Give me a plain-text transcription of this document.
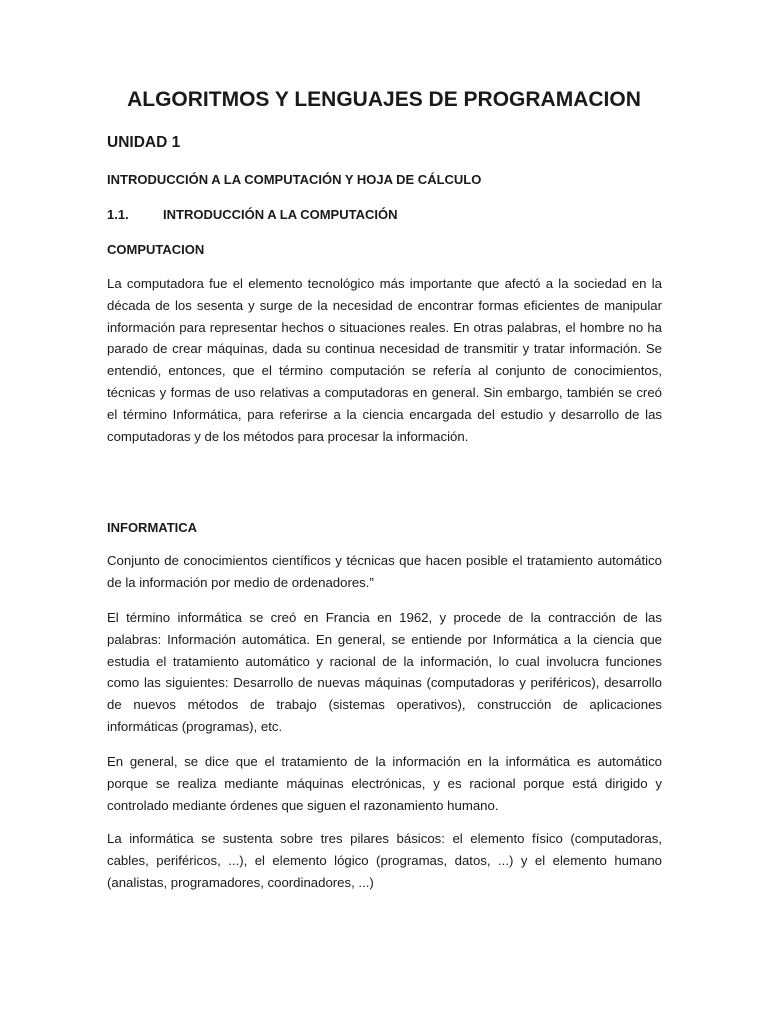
ALGORITMOS Y LENGUAJES DE PROGRAMACION
UNIDAD 1
INTRODUCCIÓN A LA COMPUTACIÓN Y HOJA DE CÁLCULO
1.1.	INTRODUCCIÓN A LA COMPUTACIÓN
COMPUTACION

La computadora fue el elemento tecnológico más importante que afectó a la sociedad en la década de los sesenta y surge de la necesidad de encontrar formas eficientes de manipular información para representar hechos o situaciones reales. En otras palabras, el hombre no ha parado de crear máquinas, dada su continua necesidad de transmitir y tratar información. Se entendió, entonces, que el término computación se refería al conjunto de conocimientos, técnicas y formas de uso relativas a computadoras en general. Sin embargo, también se creó el término Informática, para referirse a la ciencia encargada del estudio y desarrollo de las computadoras y de los métodos para procesar la información.

INFORMATICA

Conjunto de conocimientos científicos y técnicas que hacen posible el tratamiento automático de la información por medio de ordenadores.”

El término informática se creó en Francia en 1962, y procede de la contracción de las palabras: Información automática. En general, se entiende por Informática a la ciencia que estudia el tratamiento automático y racional de la información, lo cual involucra funciones como las siguientes: Desarrollo de nuevas máquinas (computadoras y periféricos), desarrollo de nuevos métodos de trabajo (sistemas operativos), construcción de aplicaciones informáticas (programas), etc.

En general, se dice que el tratamiento de la información en la informática es automático porque se realiza mediante máquinas electrónicas, y es racional porque está dirigido y controlado mediante órdenes que siguen el razonamiento humano.

La informática se sustenta sobre tres pilares básicos: el elemento físico (computadoras, cables, periféricos, ...), el elemento lógico (programas, datos, ...) y el elemento humano (analistas, programadores, coordinadores, ...)
